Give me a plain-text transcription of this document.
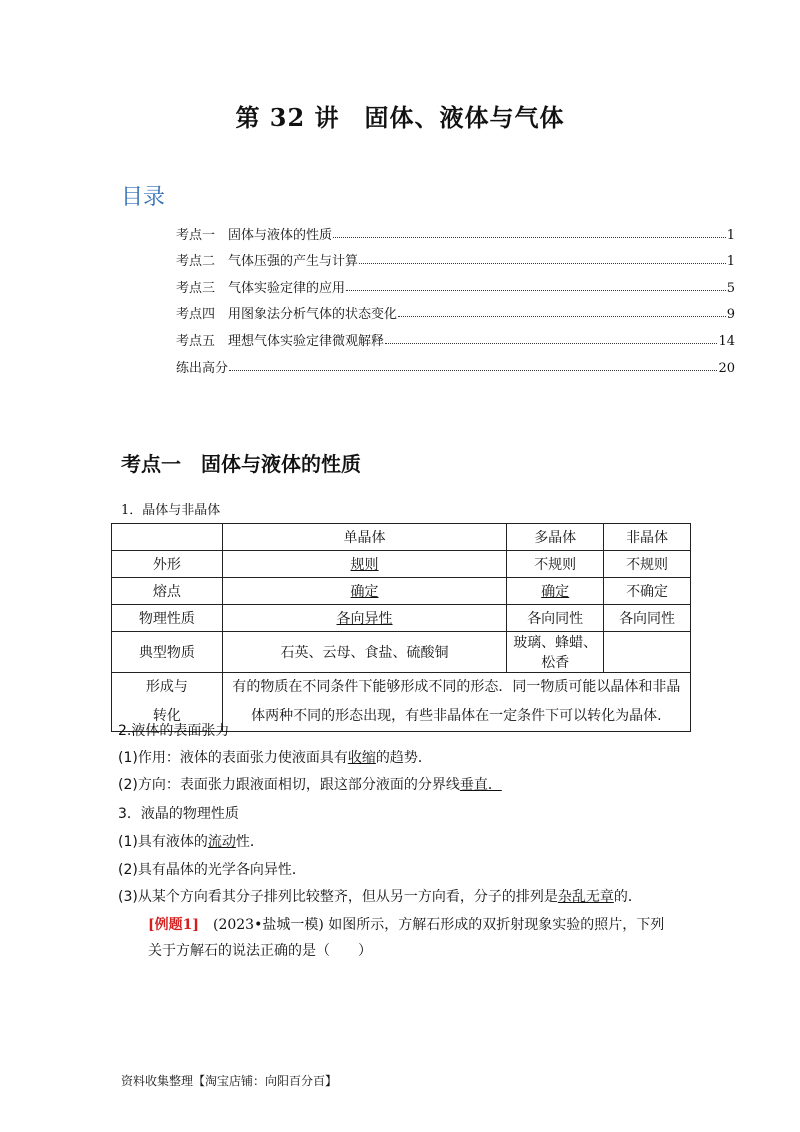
第 32 讲　固体、液体与气体
目录
考点一　固体与液体的性质	1
考点二　气体压强的产生与计算	1
考点三　气体实验定律的应用	5
考点四　用图象法分析气体的状态变化	9
考点五　理想气体实验定律微观解释	14
练出高分	20
考点一　固体与液体的性质
1．晶体与非晶体
	单晶体	多晶体	非晶体
外形	规则	不规则	不规则
熔点	确定	确定	不确定
物理性质	各向异性	各向同性	各向同性
典型物质	石英、云母、食盐、硫酸铜	玻璃、蜂蜡、松香	
形成与
转化	有的物质在不同条件下能够形成不同的形态．同一物质可能以晶体和非晶
体两种不同的形态出现，有些非晶体在一定条件下可以转化为晶体.		
2.液体的表面张力
(1)作用：液体的表面张力使液面具有收缩的趋势．
(2)方向：表面张力跟液面相切，跟这部分液面的分界线垂直．
3．液晶的物理性质
(1)具有液体的流动性．
(2)具有晶体的光学各向异性．
(3)从某个方向看其分子排列比较整齐，但从另一方向看，分子的排列是杂乱无章的．
[例题1]　(2023•盐城一模) 如图所示，方解石形成的双折射现象实验的照片，下列关于方解石的说法正确的是（　　）
资料收集整理【淘宝店铺：向阳百分百】
